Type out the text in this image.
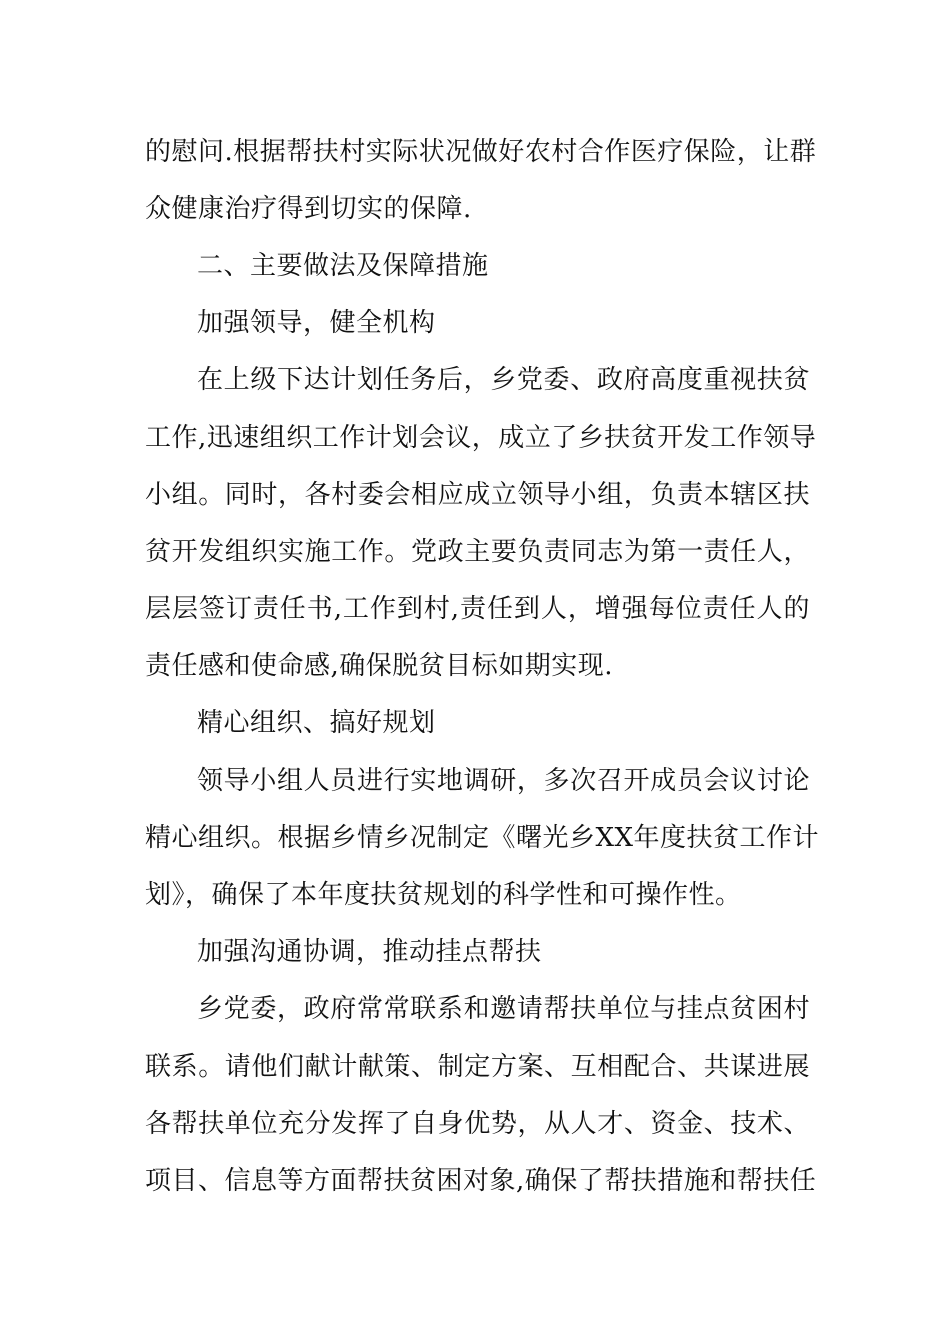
的慰问.根据帮扶村实际状况做好农村合作医疗保险，让群
众健康治疗得到切实的保障.
二、主要做法及保障措施
加强领导，健全机构
在上级下达计划任务后，乡党委、政府高度重视扶贫
工作,迅速组织工作计划会议，成立了乡扶贫开发工作领导
小组。同时，各村委会相应成立领导小组，负责本辖区扶
贫开发组织实施工作。党政主要负责同志为第一责任人，
层层签订责任书,工作到村,责任到人，增强每位责任人的
责任感和使命感,确保脱贫目标如期实现.
精心组织、搞好规划
领导小组人员进行实地调研，多次召开成员会议讨论
精心组织。根据乡情乡况制定《曙光乡XX年度扶贫工作计
划》，确保了本年度扶贫规划的科学性和可操作性。
加强沟通协调，推动挂点帮扶
乡党委，政府常常联系和邀请帮扶单位与挂点贫困村
联系。请他们献计献策、制定方案、互相配合、共谋进展
各帮扶单位充分发挥了自身优势，从人才、资金、技术、
项目、信息等方面帮扶贫困对象,确保了帮扶措施和帮扶任
